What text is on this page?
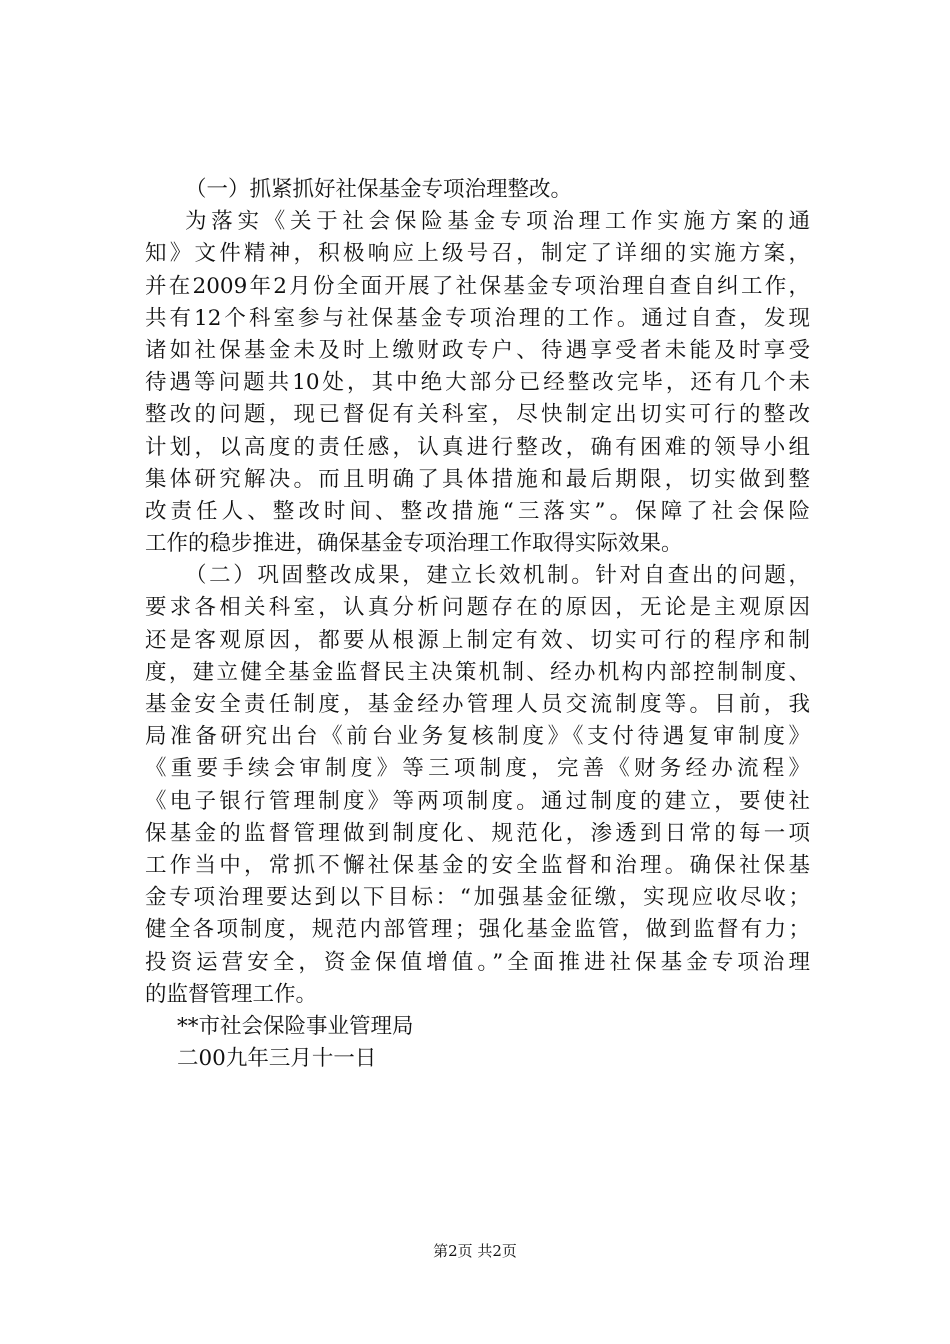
（一）抓紧抓好社保基金专项治理整改。
为落实《关于社会保险基金专项治理工作实施方案的通
知》文件精神，积极响应上级号召，制定了详细的实施方案，
并在2009年2月份全面开展了社保基金专项治理自查自纠工作，
共有12个科室参与社保基金专项治理的工作。通过自查，发现
诸如社保基金未及时上缴财政专户、待遇享受者未能及时享受
待遇等问题共10处，其中绝大部分已经整改完毕，还有几个未
整改的问题，现已督促有关科室，尽快制定出切实可行的整改
计划，以高度的责任感，认真进行整改，确有困难的领导小组
集体研究解决。而且明确了具体措施和最后期限，切实做到整
改责任人、整改时间、整改措施“三落实”。保障了社会保险
工作的稳步推进，确保基金专项治理工作取得实际效果。
（二）巩固整改成果，建立长效机制。针对自查出的问题，
要求各相关科室，认真分析问题存在的原因，无论是主观原因
还是客观原因，都要从根源上制定有效、切实可行的程序和制
度，建立健全基金监督民主决策机制、经办机构内部控制制度、
基金安全责任制度，基金经办管理人员交流制度等。目前，我
局准备研究出台《前台业务复核制度》《支付待遇复审制度》
《重要手续会审制度》等三项制度，完善《财务经办流程》
《电子银行管理制度》等两项制度。通过制度的建立，要使社
保基金的监督管理做到制度化、规范化，渗透到日常的每一项
工作当中，常抓不懈社保基金的安全监督和治理。确保社保基
金专项治理要达到以下目标：“加强基金征缴，实现应收尽收；
健全各项制度，规范内部管理；强化基金监管，做到监督有力；
投资运营安全，资金保值增值。”全面推进社保基金专项治理
的监督管理工作。
**市社会保险事业管理局
二00九年三月十一日
第2页 共2页
